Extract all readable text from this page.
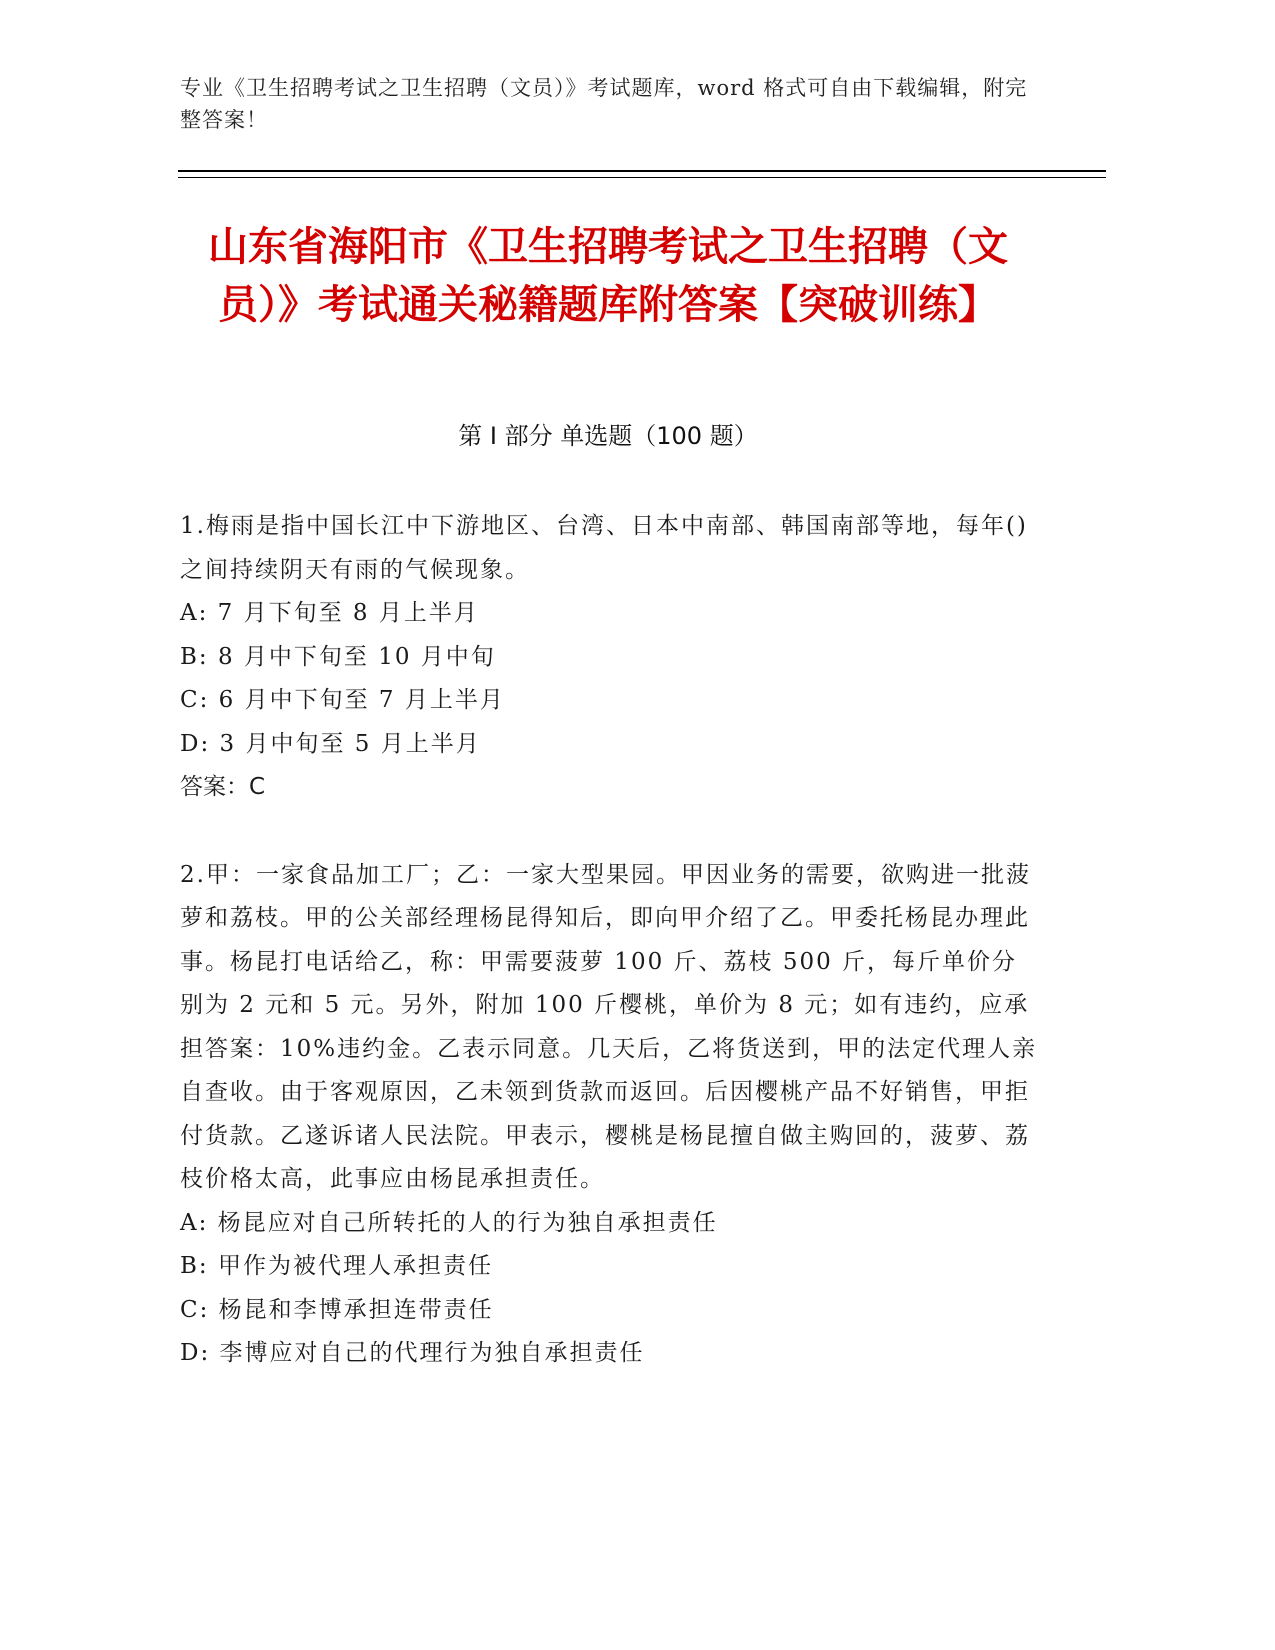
专业《卫生招聘考试之卫生招聘（文员）》考试题库，word 格式可自由下载编辑，附完整答案！
山东省海阳市《卫生招聘考试之卫生招聘（文员）》考试通关秘籍题库附答案【突破训练】
第 I 部分 单选题（100 题）

1.梅雨是指中国长江中下游地区、台湾、日本中南部、韩国南部等地，每年()之间持续阴天有雨的气候现象。

A: 7 月下旬至 8 月上半月

B: 8 月中下旬至 10 月中旬

C: 6 月中下旬至 7 月上半月

D: 3 月中旬至 5 月上半月

答案：C

2.甲：一家食品加工厂；乙：一家大型果园。甲因业务的需要，欲购进一批菠萝和荔枝。甲的公关部经理杨昆得知后，即向甲介绍了乙。甲委托杨昆办理此事。杨昆打电话给乙，称：甲需要菠萝 100 斤、荔枝 500 斤，每斤单价分别为 2 元和 5 元。另外，附加 100 斤樱桃，单价为 8 元；如有违约，应承担答案：10%违约金。乙表示同意。几天后，乙将货送到，甲的法定代理人亲自查收。由于客观原因，乙未领到货款而返回。后因樱桃产品不好销售，甲拒付货款。乙遂诉诸人民法院。甲表示，樱桃是杨昆擅自做主购回的，菠萝、荔枝价格太高，此事应由杨昆承担责任。

A: 杨昆应对自己所转托的人的行为独自承担责任

B: 甲作为被代理人承担责任

C: 杨昆和李博承担连带责任

D: 李博应对自己的代理行为独自承担责任
